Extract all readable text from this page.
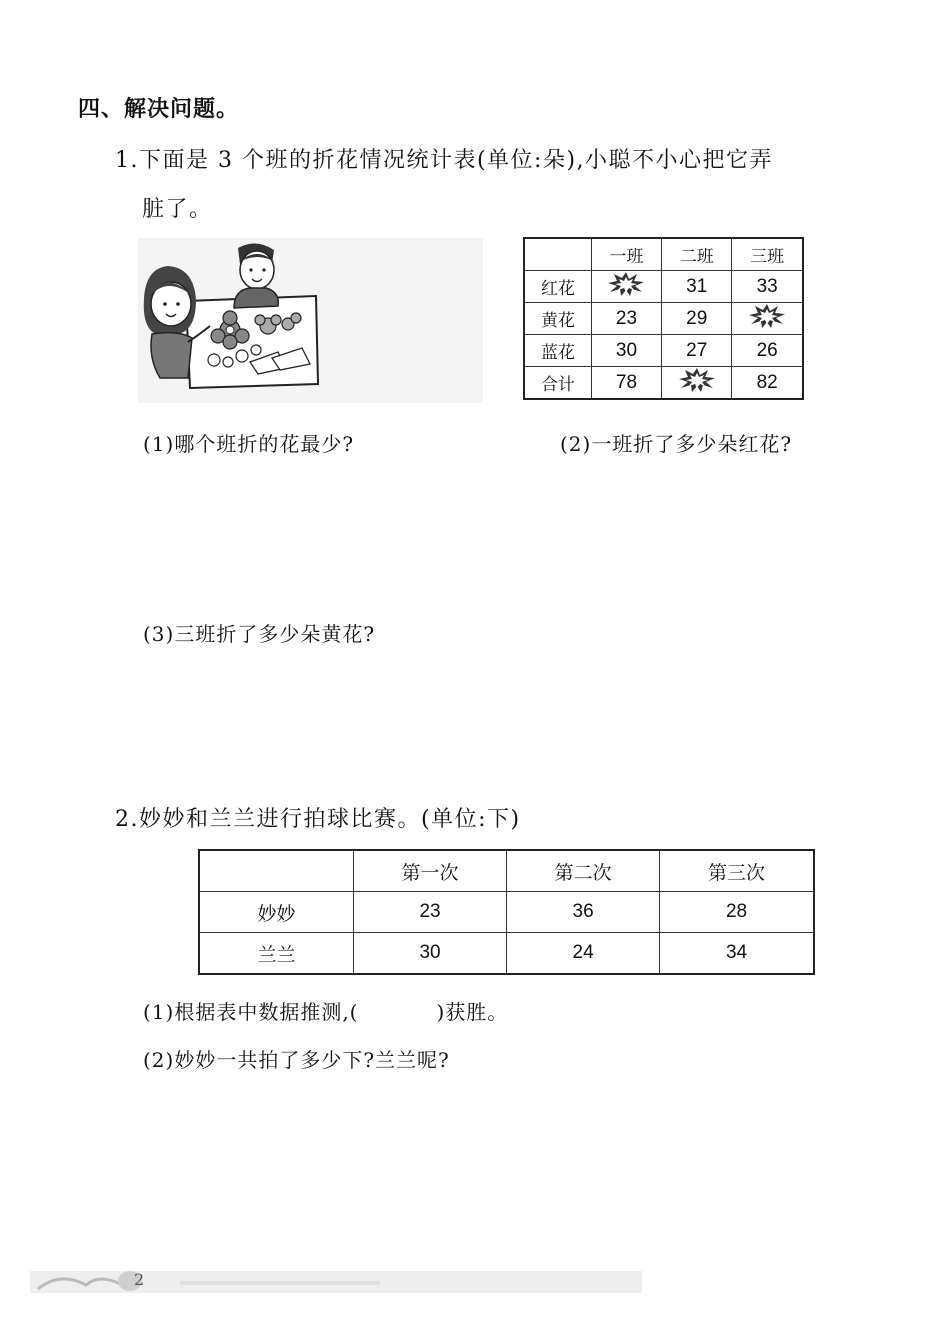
四、解决问题。
1.下面是 3 个班的折花情况统计表(单位:朵),小聪不小心把它弄
脏了。
	一班	二班	三班
红花		31	33
黄花	23	29	
蓝花	30	27	26
合计	78		82
(1)哪个班折的花最少?	(2)一班折了多少朵红花?
(3)三班折了多少朵黄花?
2.妙妙和兰兰进行拍球比赛。(单位:下)
	第一次	第二次	第三次
妙妙	23	36	28
兰兰	30	24	34
(1)根据表中数据推测,(	)获胜。
(2)妙妙一共拍了多少下?兰兰呢?
2
